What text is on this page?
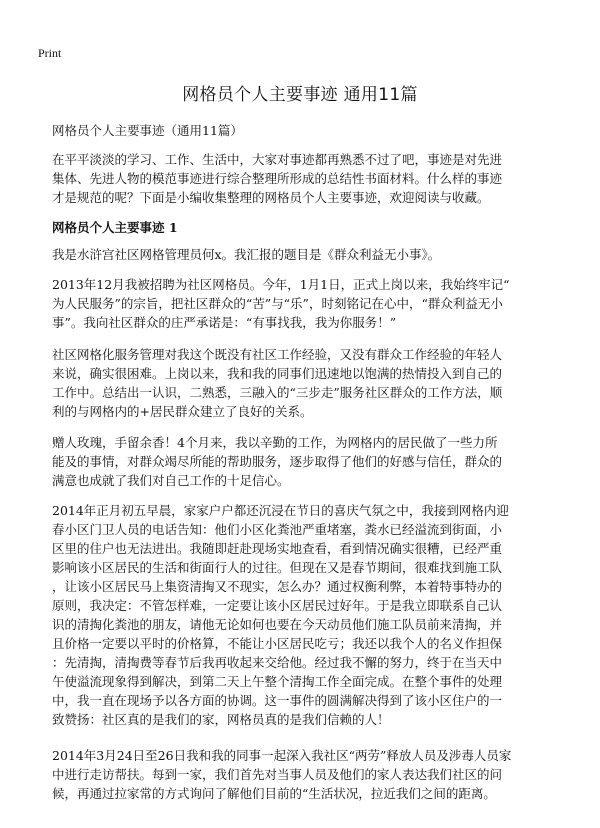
Print
网格员个人主要事迹 通用11篇
网格员个人主要事迹（通用11篇）
在平平淡淡的学习、工作、生活中，大家对事迹都再熟悉不过了吧，事迹是对先进
集体、先进人物的模范事迹进行综合整理所形成的总结性书面材料。什么样的事迹
才是规范的呢？下面是小编收集整理的网格员个人主要事迹，欢迎阅读与收藏。
网格员个人主要事迹 1
我是水浒宫社区网格管理员何x。我汇报的题目是《群众利益无小事》。
2013年12月我被招聘为社区网格员。今年，1月1日，正式上岗以来，我始终牢记“
为人民服务”的宗旨，把社区群众的“苦”与“乐”，时刻铭记在心中，“群众利益无小
事”。我向社区群众的庄严承诺是：“有事找我，我为你服务！”
社区网格化服务管理对我这个既没有社区工作经验，又没有群众工作经验的年轻人
来说，确实很困难。上岗以来，我和我的同事们迅速地以饱满的热情投入到自己的
工作中。总结出一认识，二熟悉，三融入的“三步走”服务社区群众的工作方法，顺
利的与网格内的+居民群众建立了良好的关系。
赠人玫瑰，手留余香！4个月来，我以辛勤的工作，为网格内的居民做了一些力所
能及的事情，对群众竭尽所能的帮助服务，逐步取得了他们的好感与信任，群众的
满意也成就了我们对自己工作的十足信心。
2014年正月初五早晨，家家户户都还沉浸在节日的喜庆气氛之中，我接到网格内迎
春小区门卫人员的电话告知：他们小区化粪池严重堵塞，粪水已经溢流到街面，小
区里的住户也无法进出。我随即赶赴现场实地查看，看到情况确实很糟，已经严重
影响该小区居民的生活和街面行人的过往。但现在又是春节期间，很难找到施工队
，让该小区居民马上集资清掏又不现实，怎么办？通过权衡利弊，本着特事特办的
原则，我决定：不管怎样难，一定要让该小区居民过好年。于是我立即联系自己认
识的清掏化粪池的朋友，请他无论如何也要在今天动员他们施工队员前来清掏，并
且价格一定要以平时的价格算，不能让小区居民吃亏；我还以我个人的名义作担保
：先清掏，清掏费等春节后我再收起来交给他。经过我不懈的努力，终于在当天中
午使溢流现象得到解决，到第二天上午整个清掏工作全面完成。在整个事件的处理
中，我一直在现场予以各方面的协调。这一事件的圆满解决得到了该小区住户的一
致赞扬：社区真的是我们的家，网格员真的是我们信赖的人！
2014年3月24日至26日我和我的同事一起深入我社区“两劳”释放人员及涉毒人员家
中进行走访帮扶。每到一家，我们首先对当事人员及他们的家人表达我们社区的问
候，再通过拉家常的方式询问了解他们目前的“生活状况，拉近我们之间的距离。
